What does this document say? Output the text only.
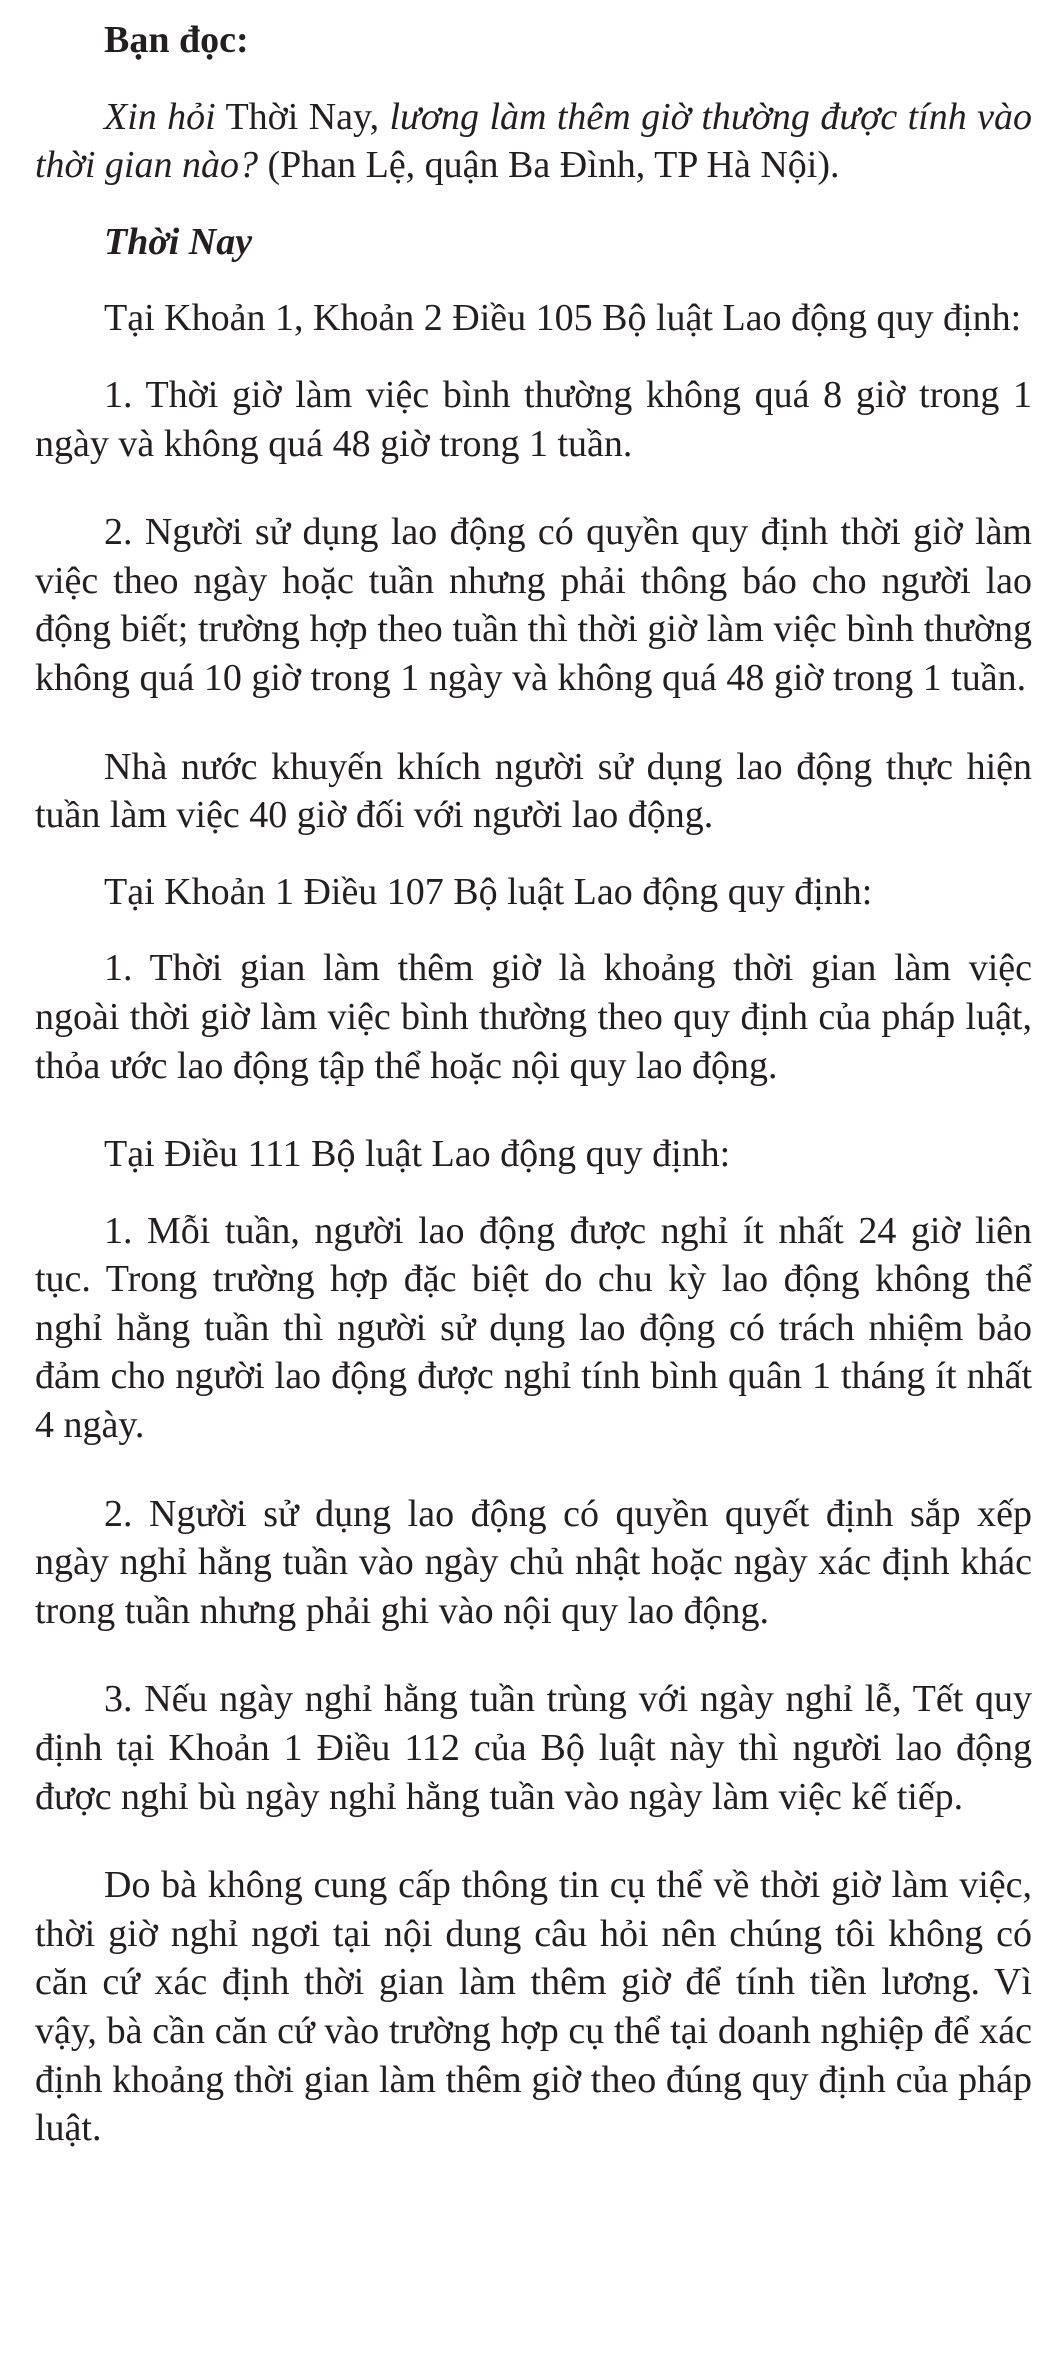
Bạn đọc:

Xin hỏi Thời Nay, lương làm thêm giờ thường được tính vào thời gian nào? (Phan Lệ, quận Ba Đình, TP Hà Nội).

Thời Nay

Tại Khoản 1, Khoản 2 Điều 105 Bộ luật Lao động quy định:

1. Thời giờ làm việc bình thường không quá 8 giờ trong 1 ngày và không quá 48 giờ trong 1 tuần.

2. Người sử dụng lao động có quyền quy định thời giờ làm việc theo ngày hoặc tuần nhưng phải thông báo cho người lao động biết; trường hợp theo tuần thì thời giờ làm việc bình thường không quá 10 giờ trong 1 ngày và không quá 48 giờ trong 1 tuần.

Nhà nước khuyến khích người sử dụng lao động thực hiện tuần làm việc 40 giờ đối với người lao động.

Tại Khoản 1 Điều 107 Bộ luật Lao động quy định:

1. Thời gian làm thêm giờ là khoảng thời gian làm việc ngoài thời giờ làm việc bình thường theo quy định của pháp luật, thỏa ước lao động tập thể hoặc nội quy lao động.

Tại Điều 111 Bộ luật Lao động quy định:

1. Mỗi tuần, người lao động được nghỉ ít nhất 24 giờ liên tục. Trong trường hợp đặc biệt do chu kỳ lao động không thể nghỉ hằng tuần thì người sử dụng lao động có trách nhiệm bảo đảm cho người lao động được nghỉ tính bình quân 1 tháng ít nhất 4 ngày.

2. Người sử dụng lao động có quyền quyết định sắp xếp ngày nghỉ hằng tuần vào ngày chủ nhật hoặc ngày xác định khác trong tuần nhưng phải ghi vào nội quy lao động.

3. Nếu ngày nghỉ hằng tuần trùng với ngày nghỉ lễ, Tết quy định tại Khoản 1 Điều 112 của Bộ luật này thì người lao động được nghỉ bù ngày nghỉ hằng tuần vào ngày làm việc kế tiếp.

Do bà không cung cấp thông tin cụ thể về thời giờ làm việc, thời giờ nghỉ ngơi tại nội dung câu hỏi nên chúng tôi không có căn cứ xác định thời gian làm thêm giờ để tính tiền lương. Vì vậy, bà cần căn cứ vào trường hợp cụ thể tại doanh nghiệp để xác định khoảng thời gian làm thêm giờ theo đúng quy định của pháp luật.
